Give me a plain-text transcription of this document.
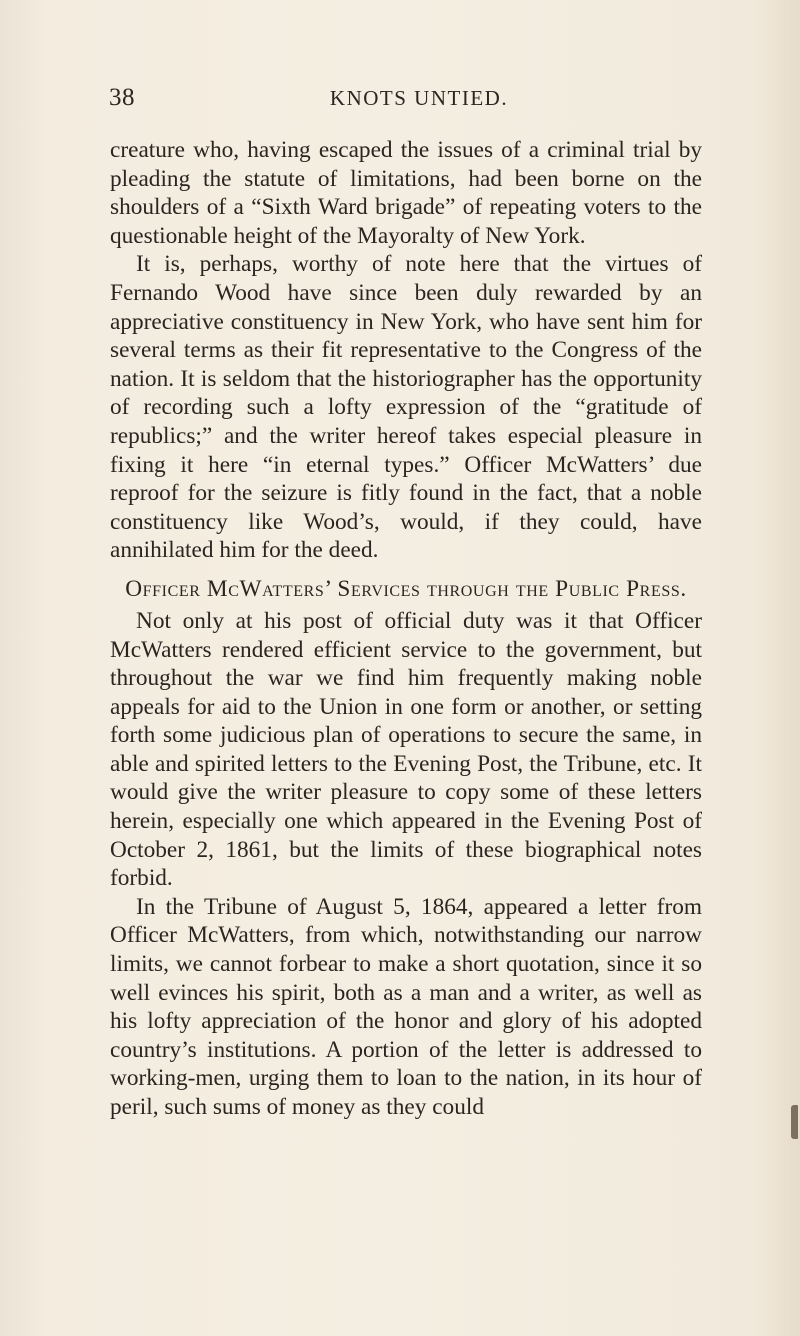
38	KNOTS UNTIED.

creature who, having escaped the issues of a criminal trial by pleading the statute of limitations, had been borne on the shoulders of a “Sixth Ward brigade” of repeating voters to the questionable height of the Mayoralty of New York.

It is, perhaps, worthy of note here that the virtues of Fernando Wood have since been duly rewarded by an appreciative constituency in New York, who have sent him for several terms as their fit representative to the Congress of the nation. It is seldom that the historiographer has the opportunity of recording such a lofty expression of the “gratitude of republics;” and the writer hereof takes especial pleasure in fixing it here “in eternal types.” Officer McWatters’ due reproof for the seizure is fitly found in the fact, that a noble constituency like Wood’s, would, if they could, have annihilated him for the deed.

Officer McWatters’ Services through the Public Press.

Not only at his post of official duty was it that Officer McWatters rendered efficient service to the government, but throughout the war we find him frequently making noble appeals for aid to the Union in one form or another, or setting forth some judicious plan of operations to secure the same, in able and spirited letters to the Evening Post, the Tribune, etc. It would give the writer pleasure to copy some of these letters herein, especially one which appeared in the Evening Post of October 2, 1861, but the limits of these biographical notes forbid.

In the Tribune of August 5, 1864, appeared a letter from Officer McWatters, from which, notwithstanding our narrow limits, we cannot forbear to make a short quotation, since it so well evinces his spirit, both as a man and a writer, as well as his lofty appreciation of the honor and glory of his adopted country’s institutions. A portion of the letter is addressed to working-men, urging them to loan to the nation, in its hour of peril, such sums of money as they could
